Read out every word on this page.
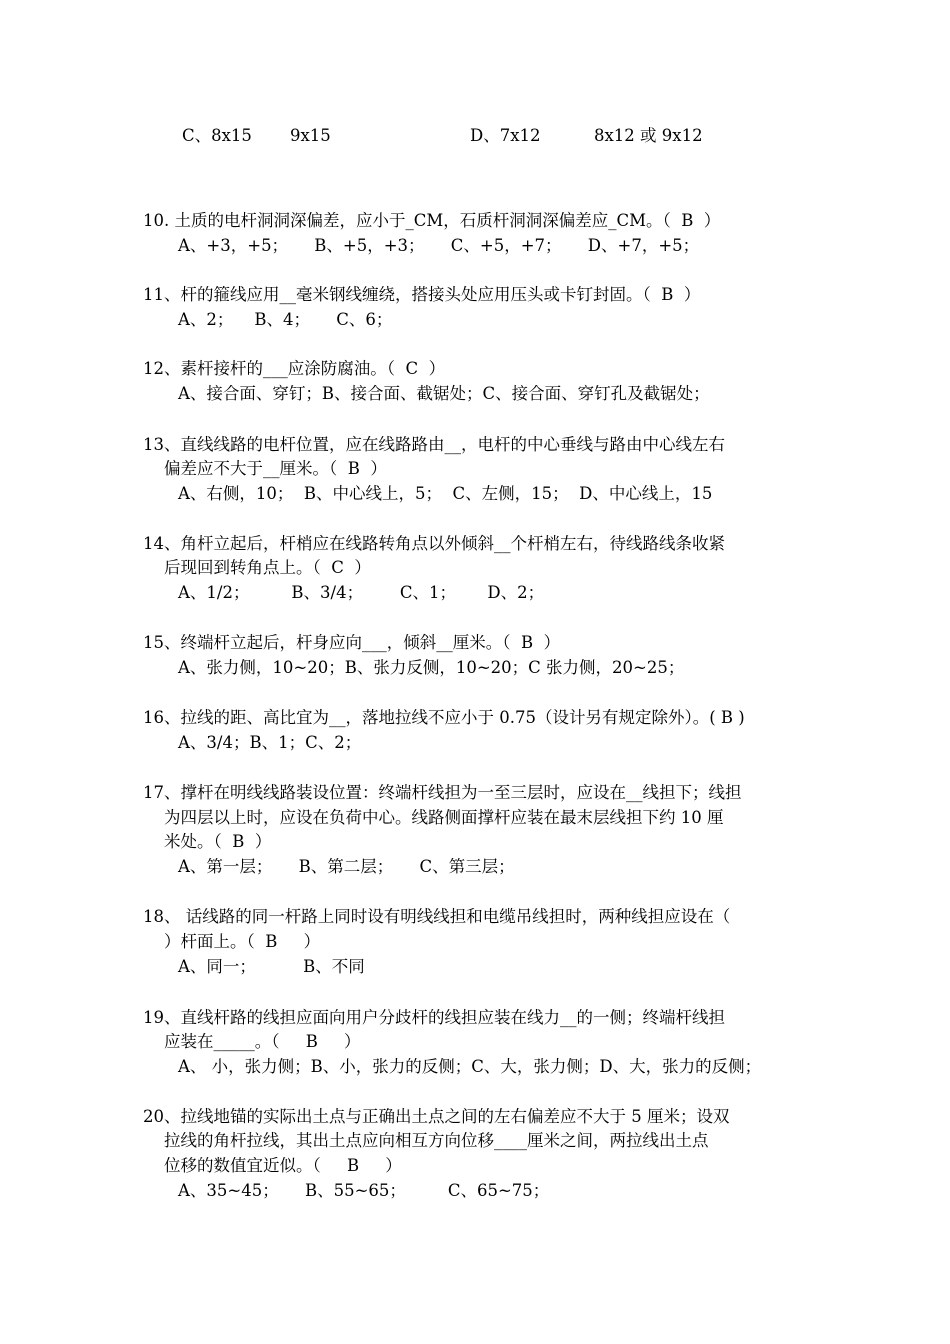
C、8x15 9x15	D、7x12	8x12 或 9x12
10. 土质的电杆洞洞深偏差，应小于_CM，石质杆洞洞深偏差应_CM。（  B  ）
A、+3，+5；     B、+5，+3；     C、+5，+7；     D、+7，+5；
11、杆的箍线应用__毫米钢线缠绕，搭接头处应用压头或卡钉封固。（  B  ）
A、2；    B、4；     C、6；
12、素杆接杆的___应涂防腐油。（  C  ）
A、接合面、穿钉；B、接合面、截锯处；C、接合面、穿钉孔及截锯处；
13、直线线路的电杆位置，应在线路路由__，电杆的中心垂线与路由中心线左右
偏差应不大于__厘米。（  B  ）
A、右侧，10；  B、中心线上，5；  C、左侧，15；  D、中心线上，15
14、角杆立起后，杆梢应在线路转角点以外倾斜__个杆梢左右，待线路线条收紧
后现回到转角点上。（  C  ）
A、1/2；        B、3/4；       C、1；      D、2；
15、终端杆立起后，杆身应向___，倾斜__厘米。（  B  ）
A、张力侧，10~20；B、张力反侧，10~20；C 张力侧，20~25；
16、拉线的距、高比宜为__，落地拉线不应小于 0.75（设计另有规定除外）。( B )
A、3/4；B、1；C、2；
17、撑杆在明线线路装设位置：终端杆线担为一至三层时，应设在__线担下；线担
为四层以上时，应设在负荷中心。线路侧面撑杆应装在最末层线担下约 10 厘
米处。（  B  ）
A、第一层；     B、第二层；     C、第三层；
18、 话线路的同一杆路上同时设有明线线担和电缆吊线担时，两种线担应设在（
）杆面上。（  B     ）
A、同一；         B、不同
19、直线杆路的线担应面向用户分歧杆的线担应装在线力__的一侧；终端杆线担
应装在_____。（     B     ）
A、 小，张力侧；B、小，张力的反侧；C、大，张力侧；D、大，张力的反侧；
20、拉线地锚的实际出土点与正确出土点之间的左右偏差应不大于 5 厘米；设双
拉线的角杆拉线，其出土点应向相互方向位移____厘米之间，两拉线出土点
位移的数值宜近似。（     B     ）
A、35~45；     B、55~65；        C、65~75；
